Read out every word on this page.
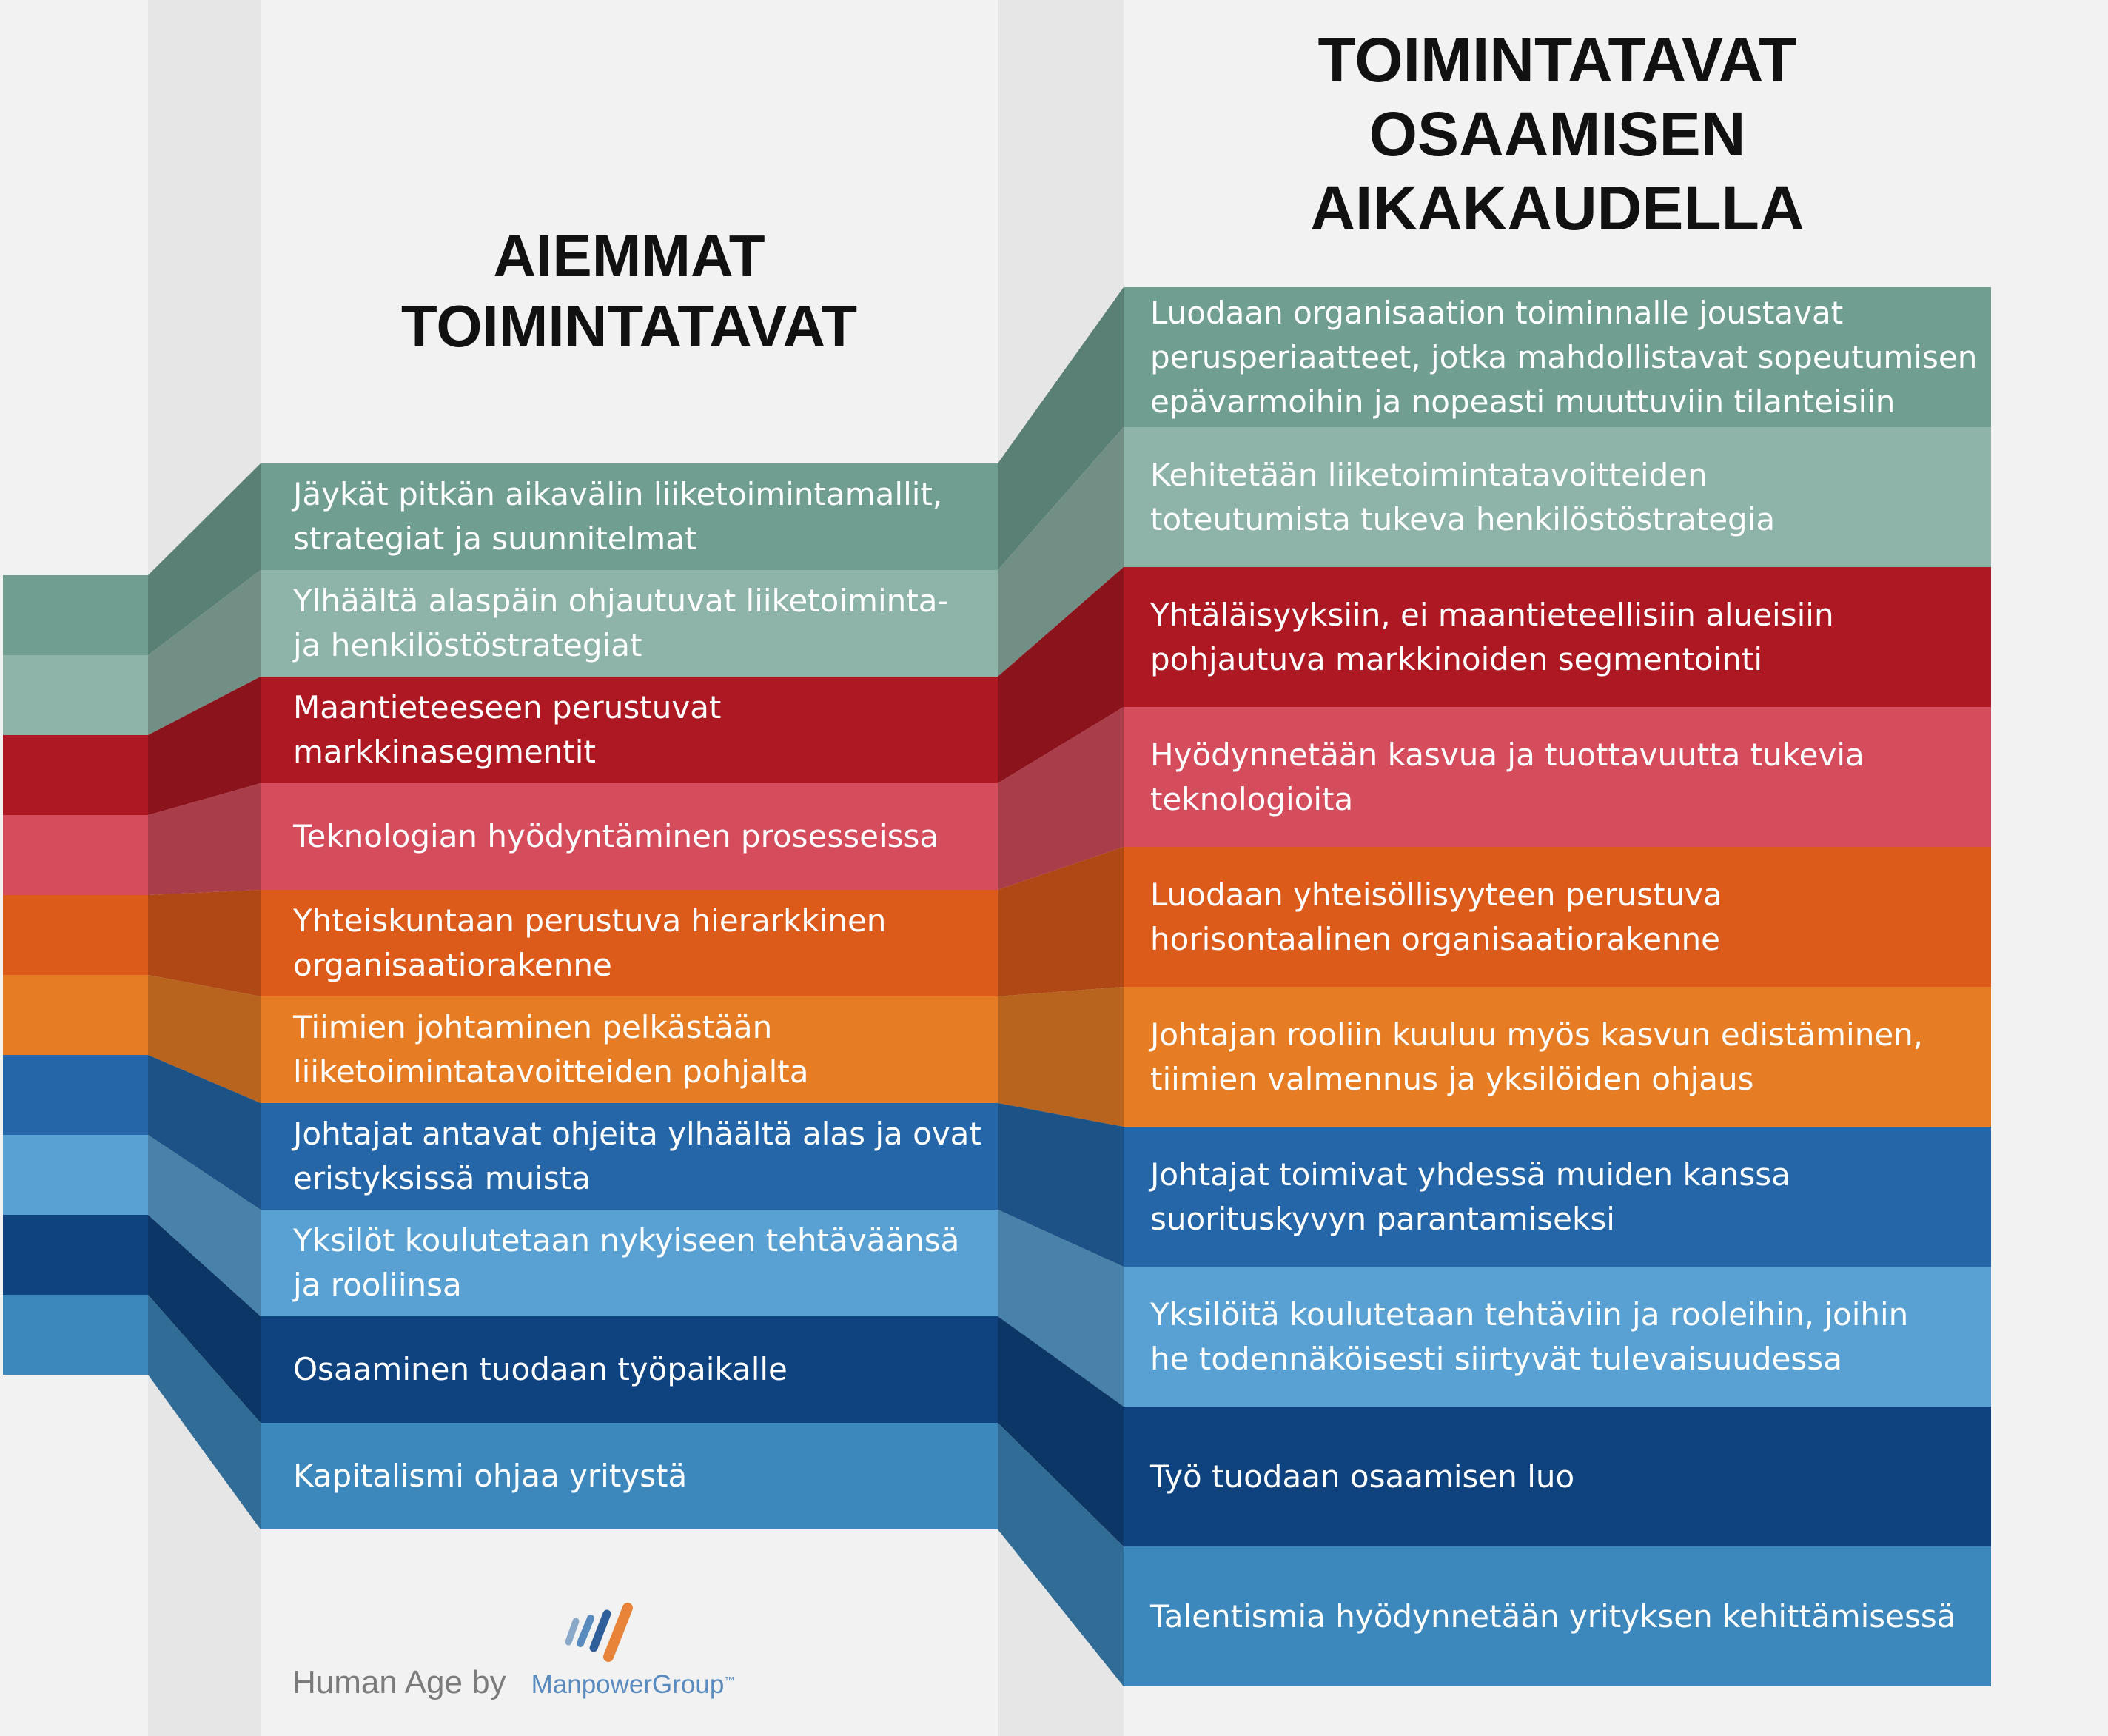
AIEMMAT
TOIMINTATAVAT
TOIMINTATAVAT
OSAAMISEN
AIKAKAUDELLA
Jäykät pitkän aikavälin liiketoimintamallit,
strategiat ja suunnitelmat
Luodaan organisaation toiminnalle joustavat
perusperiaatteet, jotka mahdollistavat sopeutumisen
epävarmoihin ja nopeasti muuttuviin tilanteisiin
Ylhäältä alaspäin ohjautuvat liiketoiminta-
ja henkilöstöstrategiat
Kehitetään liiketoimintatavoitteiden
toteutumista tukeva henkilöstöstrategia
Maantieteeseen perustuvat
markkinasegmentit
Yhtäläisyyksiin, ei maantieteellisiin alueisiin
pohjautuva markkinoiden segmentointi
Teknologian hyödyntäminen prosesseissa
Hyödynnetään kasvua ja tuottavuutta tukevia
teknologioita
Yhteiskuntaan perustuva hierarkkinen
organisaatiorakenne
Luodaan yhteisöllisyyteen perustuva
horisontaalinen organisaatiorakenne
Tiimien johtaminen pelkästään
liiketoimintatavoitteiden pohjalta
Johtajan rooliin kuuluu myös kasvun edistäminen,
tiimien valmennus ja yksilöiden ohjaus
Johtajat antavat ohjeita ylhäältä alas ja ovat
eristyksissä muista	Johtajat toimivat yhdessä muiden kanssa
suorituskyvyn parantamiseksi
Yksilöt koulutetaan nykyiseen tehtäväänsä
ja rooliinsa
Yksilöitä koulutetaan tehtäviin ja rooleihin, joihin
he todennäköisesti siirtyvät tulevaisuudessa
Osaaminen tuodaan työpaikalle
Työ tuodaan osaamisen luo
Kapitalismi ohjaa yritystä
Talentismia hyödynnetään yrityksen kehittämisessä
Human Age by ManpowerGroup™
